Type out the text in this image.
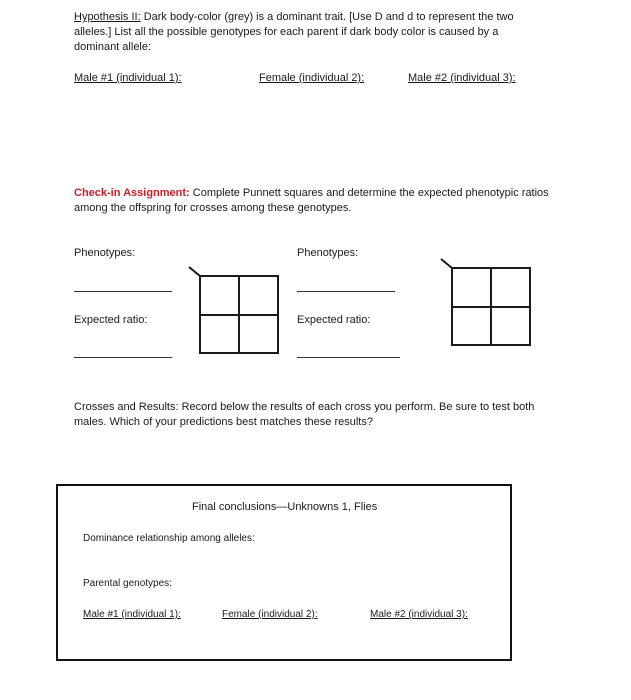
Hypothesis II: Dark body-color (grey) is a dominant trait. [Use D and d to represent the two
alleles.] List all the possible genotypes for each parent if dark body color is caused by a
dominant allele:
Male #1 (individual 1):	Female (individual 2):	Male #2 (individual 3):
Check-in Assignment: Complete Punnett squares and determine the expected phenotypic ratios
among the offspring for crosses among these genotypes.
Phenotypes:
Expected ratio:
Phenotypes:
Expected ratio:
Crosses and Results: Record below the results of each cross you perform. Be sure to test both
males. Which of your predictions best matches these results?
Final conclusions—Unknowns 1, Flies
Dominance relationship among alleles:
Parental genotypes:
Male #1 (individual 1):	Female (individual 2):	Male #2 (individual 3):
